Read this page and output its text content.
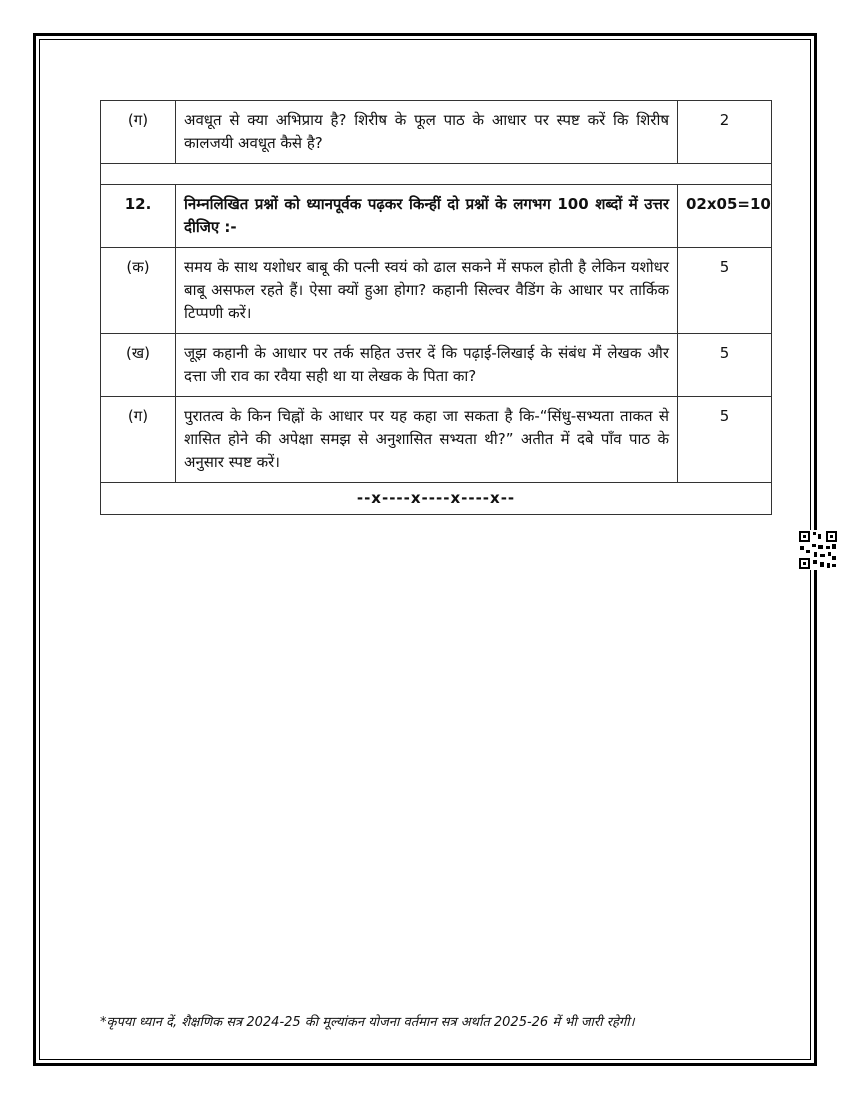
(ग)	अवधूत से क्या अभिप्राय है? शिरीष के फूल पाठ के आधार पर स्पष्ट करें कि शिरीष कालजयी अवधूत कैसे है?	2

12.	निम्नलिखित प्रश्नों को ध्यानपूर्वक पढ़कर किन्हीं दो प्रश्नों के लगभग 100 शब्दों में उत्तर दीजिए :-	02x05=10
(क)	समय के साथ यशोधर बाबू की पत्नी स्वयं को ढाल सकने में सफल होती है लेकिन यशोधर बाबू असफल रहते हैं। ऐसा क्यों हुआ होगा? कहानी सिल्वर वैडिंग के आधार पर तार्किक टिप्पणी करें।	5
(ख)	जूझ कहानी के आधार पर तर्क सहित उत्तर दें कि पढ़ाई-लिखाई के संबंध में लेखक और दत्ता जी राव का रवैया सही था या लेखक के पिता का?	5
(ग)	पुरातत्व के किन चिह्नों के आधार पर यह कहा जा सकता है कि-“सिंधु-सभ्यता ताकत से शासित होने की अपेक्षा समझ से अनुशासित सभ्यता थी?” अतीत में दबे पाँव पाठ के अनुसार स्पष्ट करें।	5
--x----x----x----x--		
*कृपया ध्यान दें, शैक्षणिक सत्र 2024-25 की मूल्यांकन योजना वर्तमान सत्र अर्थात 2025-26 में भी जारी रहेगी।
